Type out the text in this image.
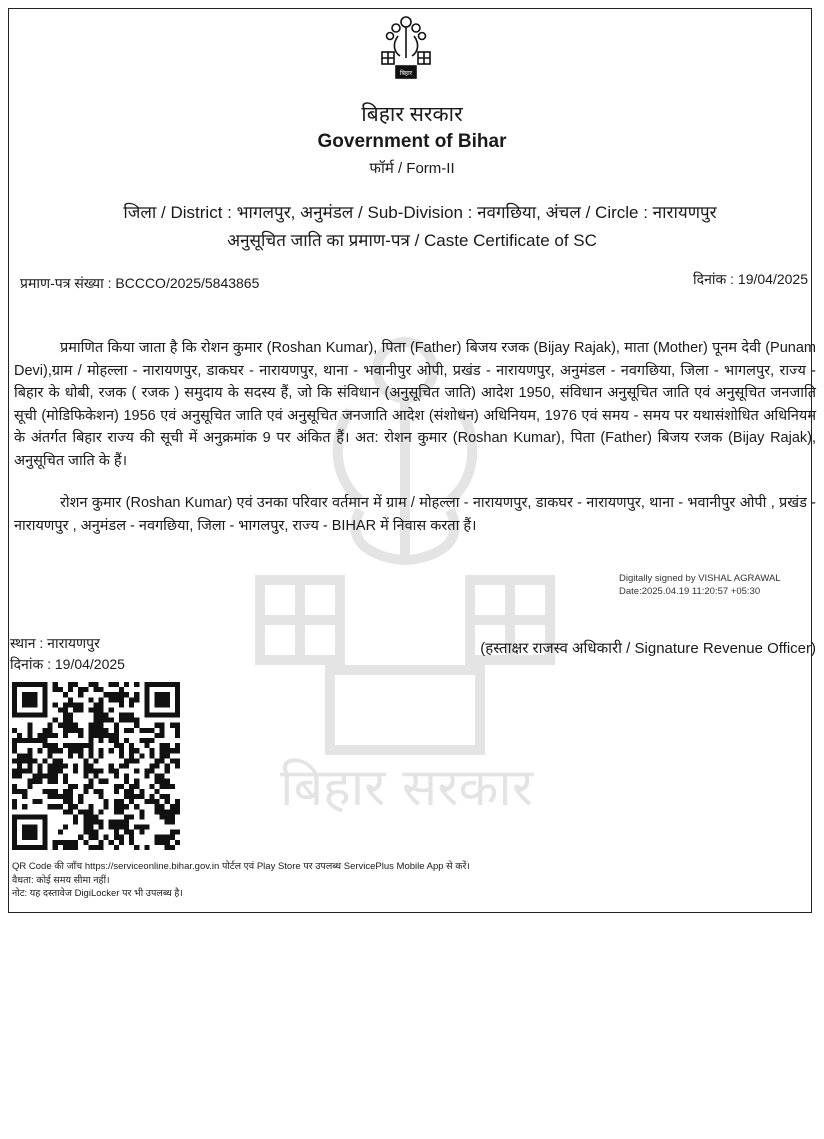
बिहार सरकार
बिहार
बिहार सरकार
Government of Bihar
फॉर्म / Form-II
जिला / District : भागलपुर, अनुमंडल / Sub-Division : नवगछिया, अंचल / Circle : नारायणपुर
अनुसूचित जाति का प्रमाण-पत्र / Caste Certificate of SC
प्रमाण-पत्र संख्या : BCCCO/2025/5843865	दिनांक : 19/04/2025
प्रमाणित किया जाता है कि रोशन कुमार (Roshan Kumar), पिता (Father) बिजय रजक (Bijay Rajak), माता (Mother) पूनम देवी (Punam Devi),ग्राम / मोहल्ला - नारायणपुर, डाकघर - नारायणपुर, थाना - भवानीपुर ओपी, प्रखंड - नारायणपुर, अनुमंडल - नवगछिया, जिला - भागलपुर, राज्य - बिहार के धोबी, रजक ( रजक ) समुदाय के सदस्य हैं, जो कि संविधान (अनुसूचित जाति) आदेश 1950, संविधान अनुसूचित जाति एवं अनुसूचित जनजाति सूची (मोडिफिकेशन) 1956 एवं अनुसूचित जाति एवं अनुसूचित जनजाति आदेश (संशोधन) अधिनियम, 1976 एवं समय - समय पर यथासंशोधित अधिनियम के अंतर्गत बिहार राज्य की सूची में अनुक्रमांक 9 पर अंकित हैं। अत: रोशन कुमार (Roshan Kumar), पिता (Father) बिजय रजक (Bijay Rajak), अनुसूचित जाति के हैं।
रोशन कुमार (Roshan Kumar) एवं उनका परिवार वर्तमान में ग्राम / मोहल्ला - नारायणपुर, डाकघर - नारायणपुर, थाना - भवानीपुर ओपी , प्रखंड - नारायणपुर , अनुमंडल - नवगछिया, जिला - भागलपुर, राज्य - BIHAR में निवास करता हैं।
Digitally signed by VISHAL AGRAWAL
Date:2025.04.19 11:20:57 +05:30
स्थान : नारायणपुर
दिनांक : 19/04/2025
(हस्ताक्षर राजस्व अधिकारी / Signature Revenue Officer)
QR Code की जाँच https://serviceonline.bihar.gov.in पोर्टल एवं Play Store पर उपलब्ध ServicePlus Mobile App से करें।
वैधता: कोई समय सीमा नहीं।
नोट: यह दस्तावेज DigiLocker पर भी उपलब्ध है।
